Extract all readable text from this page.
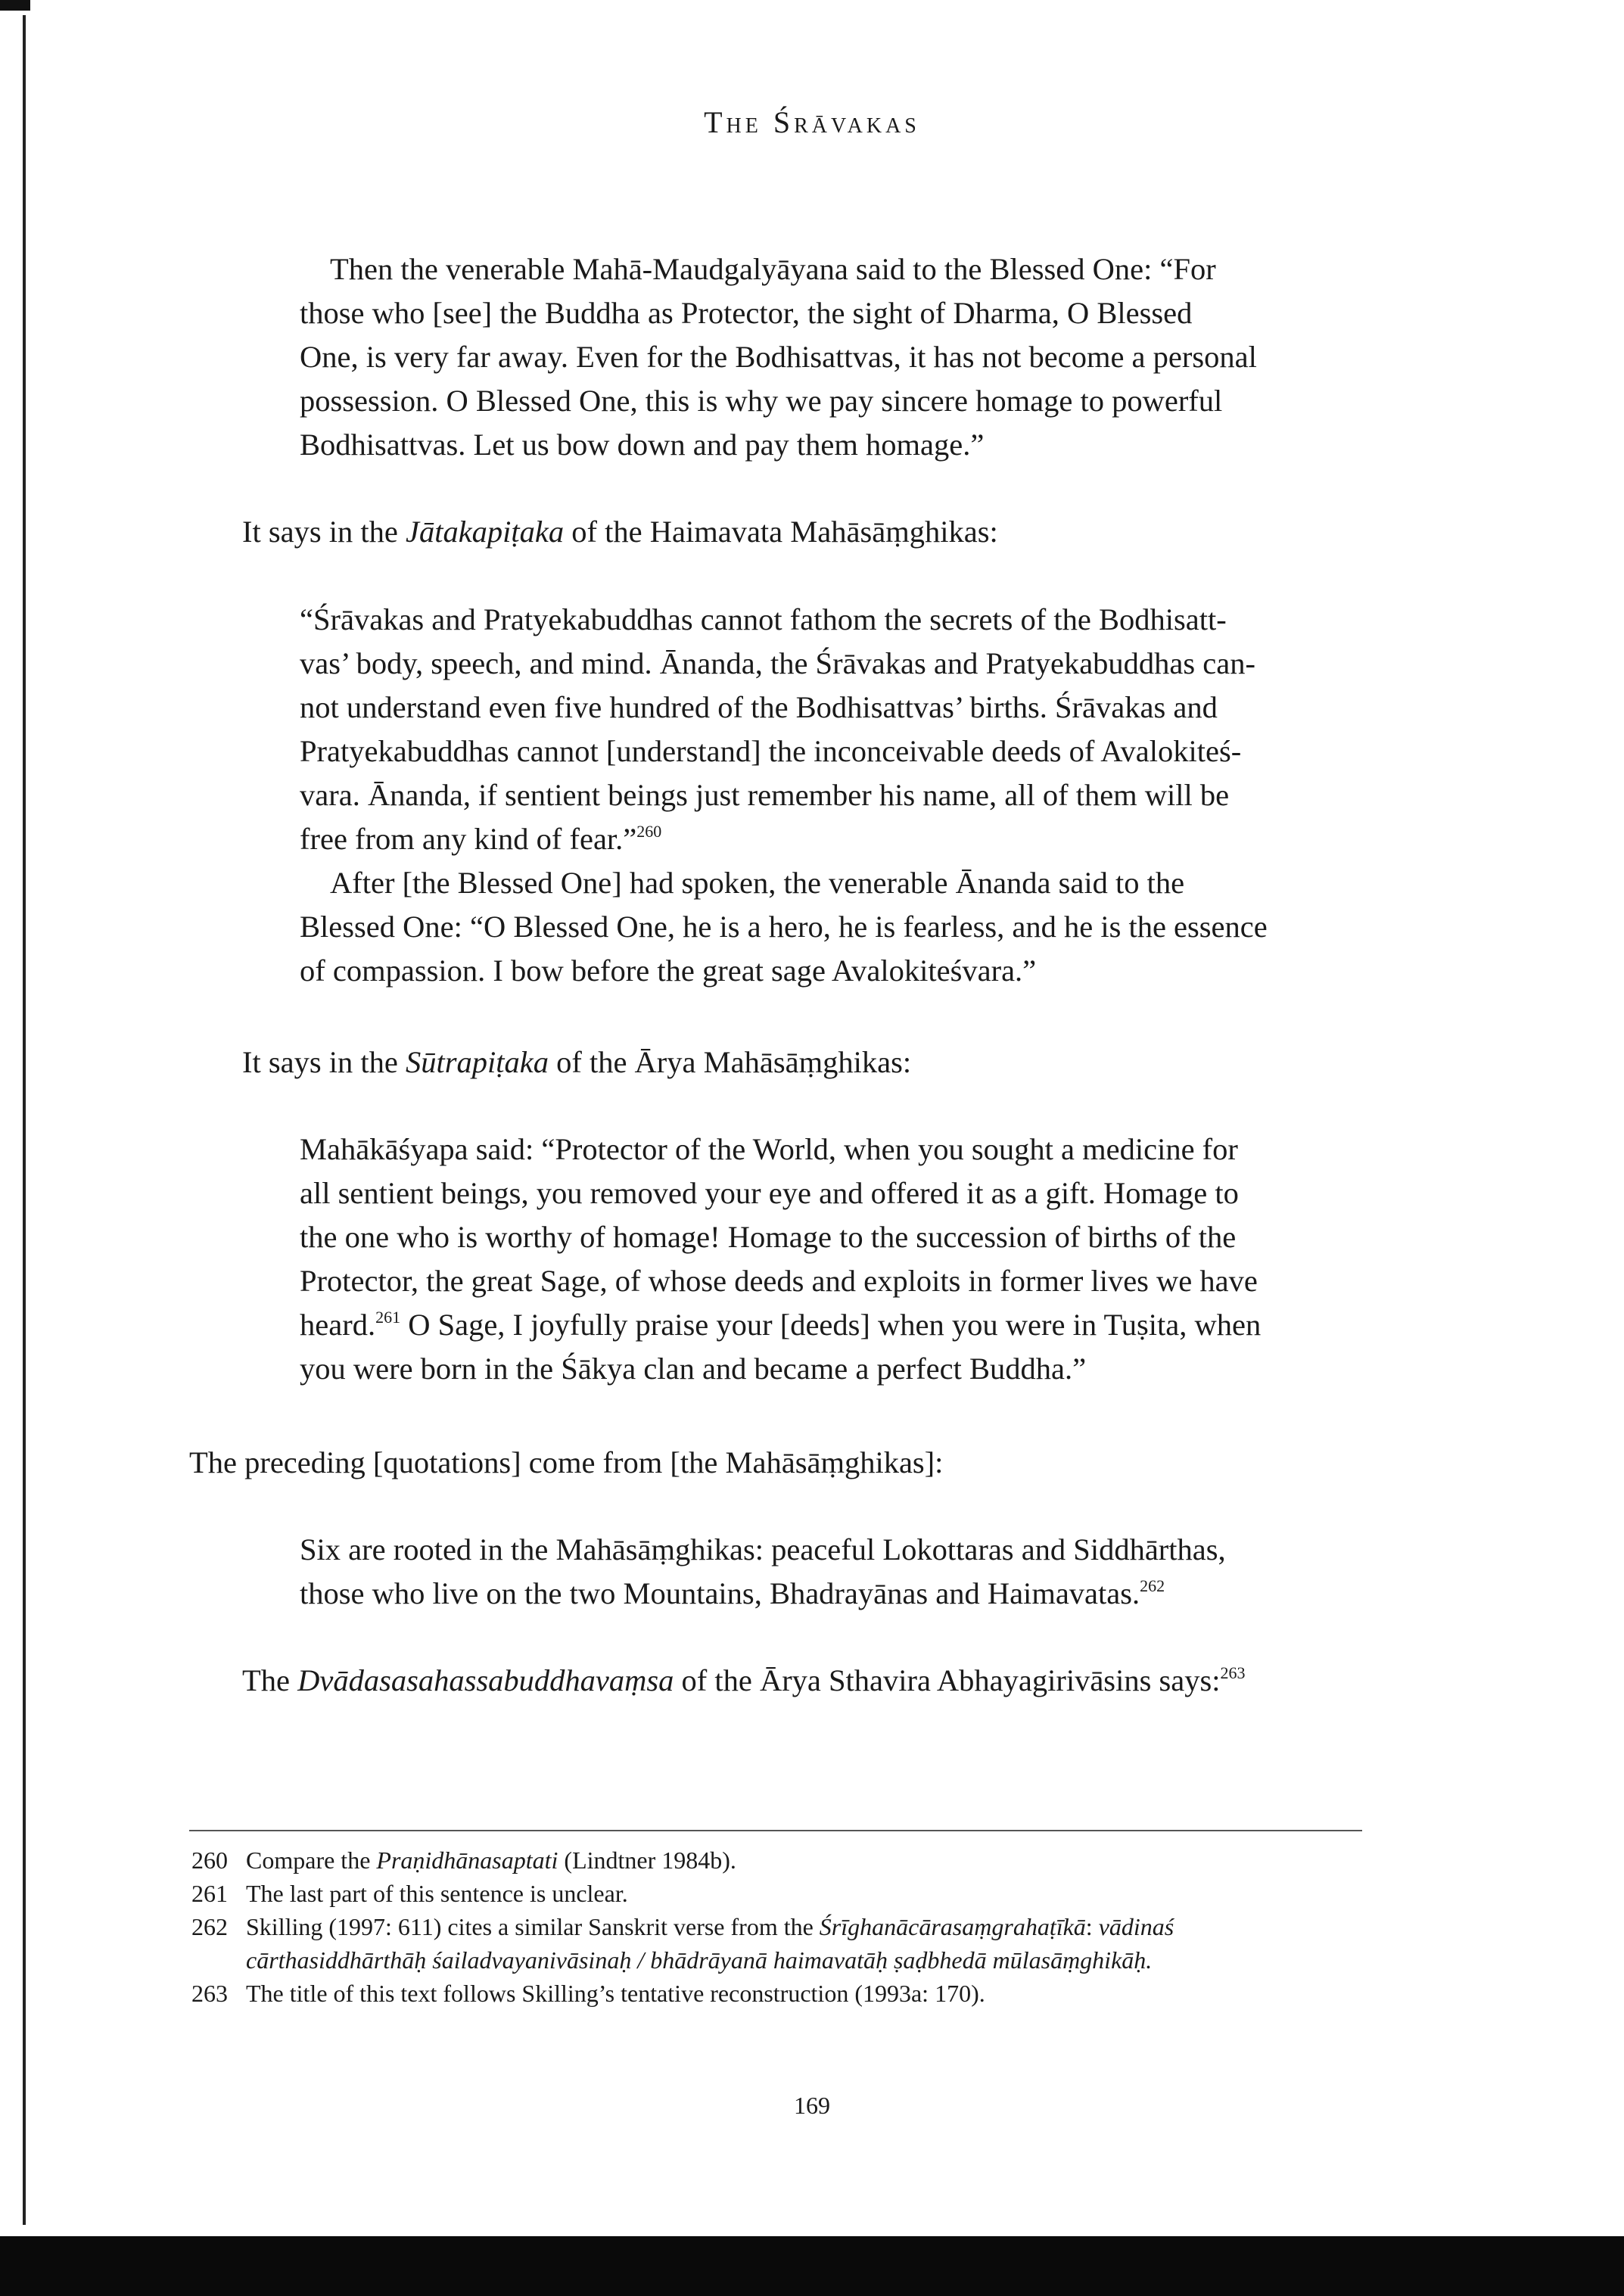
The Śrāvakas

Then the venerable Mahā-Maudgalyāyana said to the Blessed One: “For

those who [see] the Buddha as Protector, the sight of Dharma, O Blessed

One, is very far away. Even for the Bodhisattvas, it has not become a personal

possession. O Blessed One, this is why we pay sincere homage to powerful

Bodhisattvas. Let us bow down and pay them homage.”

It says in the Jātakapiṭaka of the Haimavata Mahāsāṃghikas:

“Śrāvakas and Pratyekabuddhas cannot fathom the secrets of the Bodhisatt-

vas’ body, speech, and mind. Ānanda, the Śrāvakas and Pratyekabuddhas can-

not understand even five hundred of the Bodhisattvas’ births. Śrāvakas and

Pratyekabuddhas cannot [understand] the inconceivable deeds of Avalokiteś-

vara. Ānanda, if sentient beings just remember his name, all of them will be

free from any kind of fear.”$^{260}$

After [the Blessed One] had spoken, the venerable Ānanda said to the

Blessed One: “O Blessed One, he is a hero, he is fearless, and he is the essence

of compassion. I bow before the great sage Avalokiteśvara.”

It says in the Sūtrapiṭaka of the Ārya Mahāsāṃghikas:

Mahākāśyapa said: “Protector of the World, when you sought a medicine for

all sentient beings, you removed your eye and offered it as a gift. Homage to

the one who is worthy of homage! Homage to the succession of births of the

Protector, the great Sage, of whose deeds and exploits in former lives we have

heard.$^{261}$ O Sage, I joyfully praise your [deeds] when you were in Tuṣita, when

you were born in the Śākya clan and became a perfect Buddha.”

The preceding [quotations] come from [the Mahāsāṃghikas]:

Six are rooted in the Mahāsāṃghikas: peaceful Lokottaras and Siddhārthas,

those who live on the two Mountains, Bhadrayānas and Haimavatas.$^{262}$

The Dvādasasahassabuddhavaṃsa of the Ārya Sthavira Abhayagirivāsins says:$^{263}$

260 Compare the Praṇidhānasaptati (Lindtner 1984b).
261 The last part of this sentence is unclear.
262 Skilling (1997: 611) cites a similar Sanskrit verse from the Śrīghanācārasaṃgrahaṭīkā: vādinaś
cārthasiddhārthāḥ śailadvayanivāsinaḥ / bhādrāyanā haimavatāḥ ṣaḍbhedā mūlasāṃghikāḥ.
263 The title of this text follows Skilling’s tentative reconstruction (1993a: 170).
169
